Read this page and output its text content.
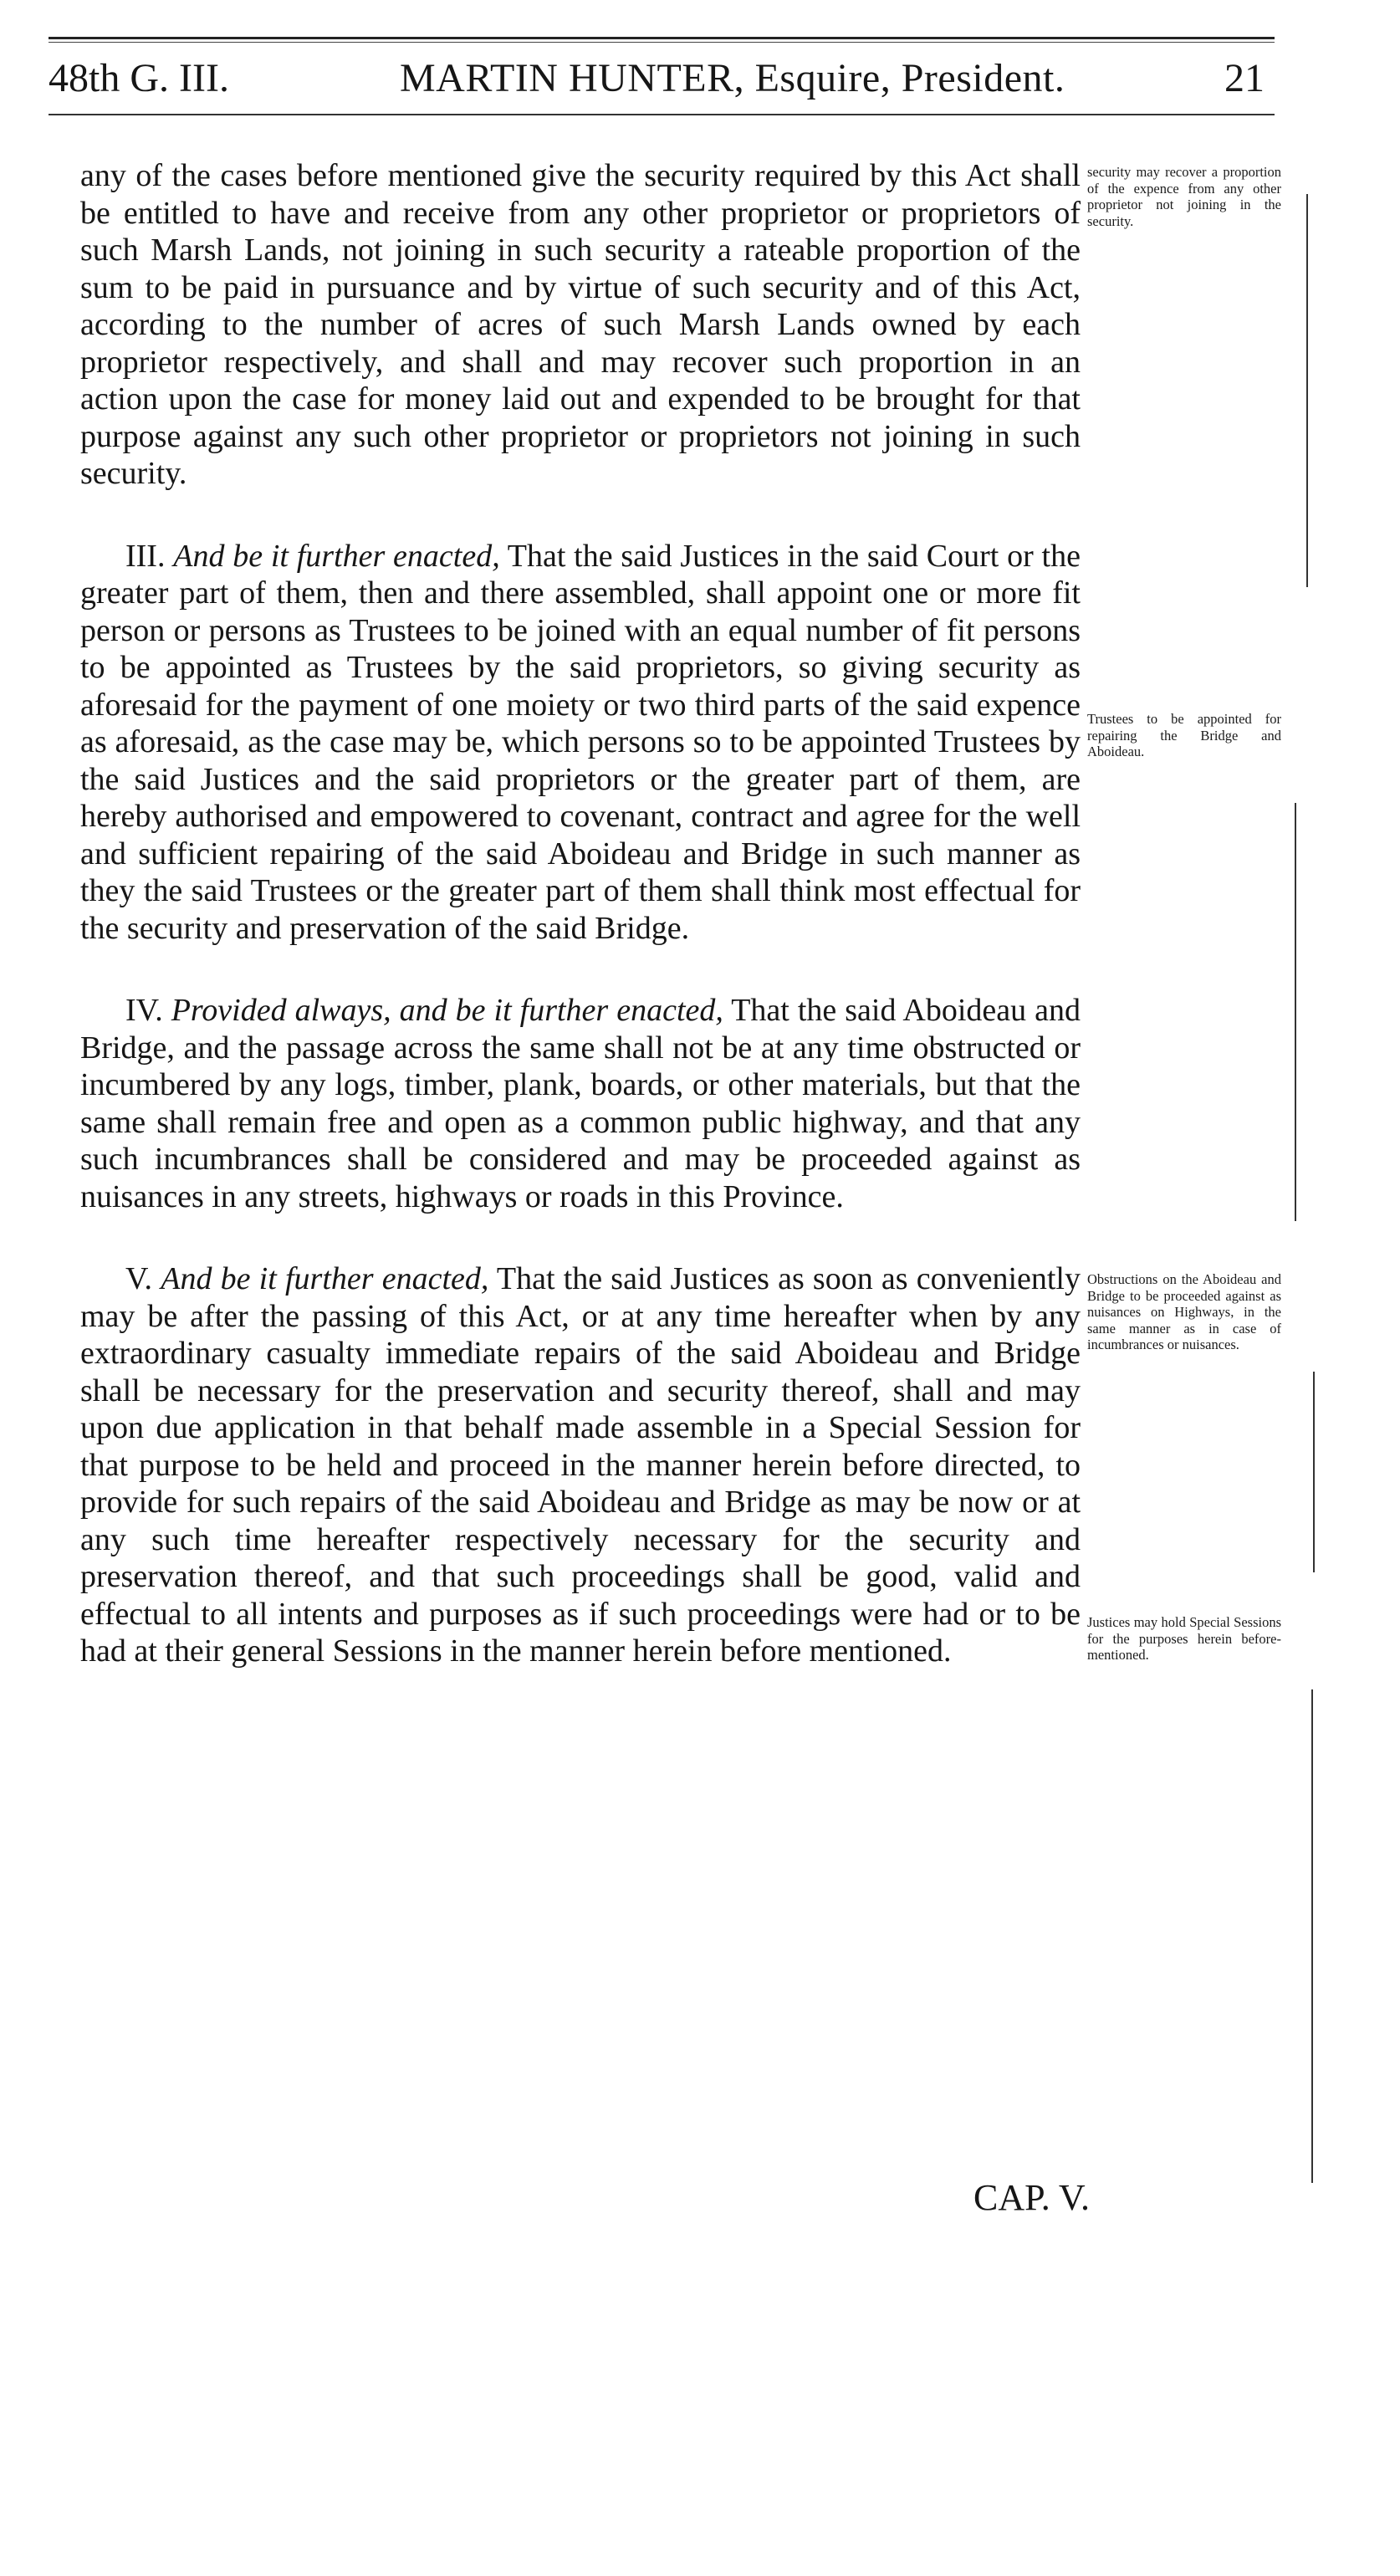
48th G. III.	MARTIN HUNTER, Esquire, President.	21

any of the cases before mentioned give the security required by this Act shall be entitled to have and receive from any other proprietor or proprietors of such Marsh Lands, not joining in such security a rateable proportion of the sum to be paid in pursuance and by virtue of such security and of this Act, according to the number of acres of such Marsh Lands owned by each proprietor respectively, and shall and may recover such proportion in an action upon the case for money laid out and expended to be brought for that purpose against any such other proprietor or proprietors not joining in such security.

III. And be it further enacted, That the said Justices in the said Court or the greater part of them, then and there assembled, shall appoint one or more fit person or persons as Trustees to be joined with an equal number of fit persons to be appointed as Trustees by the said proprietors, so giving security as aforesaid for the payment of one moiety or two third parts of the said expence as aforesaid, as the case may be, which persons so to be appointed Trustees by the said Justices and the said proprietors or the greater part of them, are hereby authorised and empowered to covenant, contract and agree for the well and sufficient repairing of the said Aboideau and Bridge in such manner as they the said Trustees or the greater part of them shall think most effectual for the security and preservation of the said Bridge.

IV. Provided always, and be it further enacted, That the said Aboideau and Bridge, and the passage across the same shall not be at any time obstructed or incumbered by any logs, timber, plank, boards, or other materials, but that the same shall remain free and open as a common public highway, and that any such incumbrances shall be considered and may be proceeded against as nuisances in any streets, highways or roads in this Province.

V. And be it further enacted, That the said Justices as soon as conveniently may be after the passing of this Act, or at any time hereafter when by any extraordinary casualty immediate repairs of the said Aboideau and Bridge shall be necessary for the preservation and security thereof, shall and may upon due application in that behalf made assemble in a Special Session for that purpose to be held and proceed in the manner herein before directed, to provide for such repairs of the said Aboideau and Bridge as may be now or at any such time hereafter respectively necessary for the security and preservation thereof, and that such proceedings shall be good, valid and effectual to all intents and purposes as if such proceedings were had or to be had at their general Sessions in the manner herein before mentioned.

security may recover a proportion of the expence from any other proprietor not joining in the security.
Trustees to be appointed for repairing the Bridge and Aboideau.
Obstructions on the Aboideau and Bridge to be proceeded against as nuisances on Highways, in the same manner as in case of incumbrances or nuisances.
Justices may hold Special Sessions for the purposes herein before-mentioned.
CAP. V.
